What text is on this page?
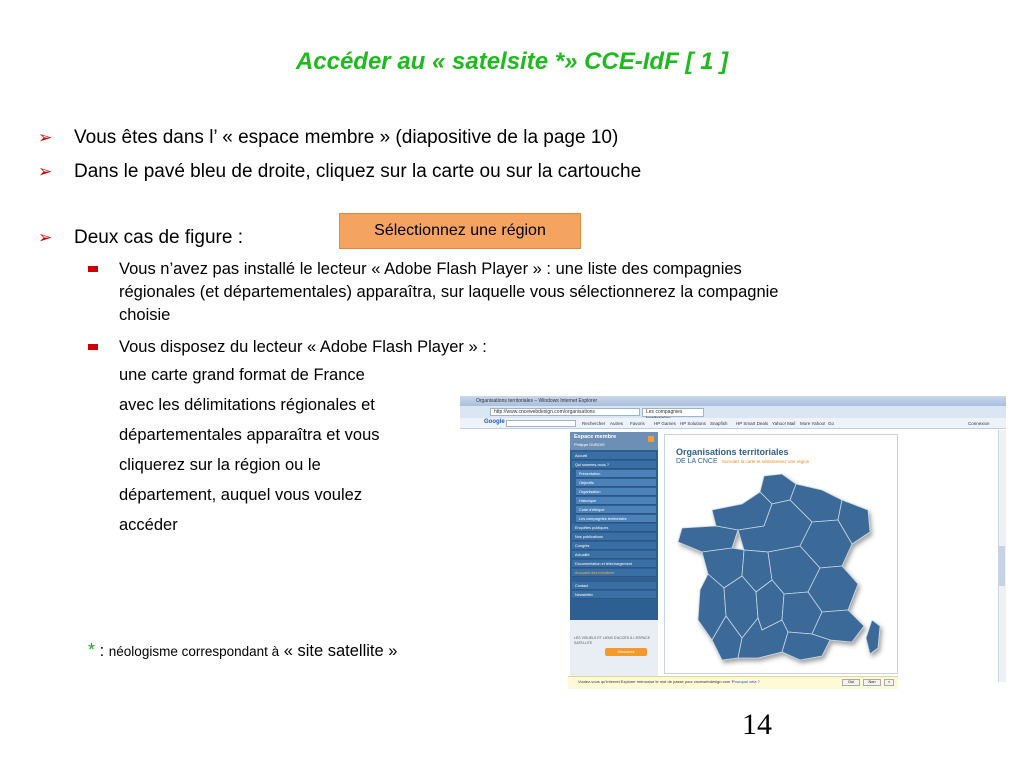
Accéder au « satelsite *» CCE-IdF [ 1 ]
➢	Vous êtes dans l’ « espace membre » (diapositive de la page 10)
➢	Dans le pavé bleu de droite, cliquez sur la carte ou sur la cartouche
➢	Deux cas de figure :	Sélectionnez une région
Vous n’avez pas installé le lecteur « Adobe Flash Player » : une liste des compagnies
régionales (et départementales) apparaîtra, sur laquelle vous sélectionnerez la compagnie
choisie
Vous disposez du lecteur « Adobe Flash Player » :
une carte grand format de France
avec les délimitations régionales et
départementales apparaîtra et vous
cliquerez sur la région ou le
département, auquel vous voulez
accéder
* : néologisme correspondant à « site satellite »
14
Organisations territoriales – Windows Internet Explorer
http://www.cncewebdesign.com/organisations	Les compagnies
Google	Rechercher Autres Favoris HP Games HP Solutions Snapfish HP Smart Deals Yahoo! Mail More Yahoo! Go	Connexion
Espace membre
Philippe DUBOIS
Accueil
Qui sommes-nous ?
Présentation
Objectifs
Organisation
Historique
Code d'éthique
Les compagnies territoriales
Enquêtes publiques
Nos publications
Congrès
Actualité
Documentation et téléchargement
Annuaire des membres
Contact
Newsletter
LES VISUELS ET LIENS D'ACCÈS À L'ESPACE SATELLITE
Découvrez
Organisations territoriales
DE LA CNCE Survolez la carte et sélectionnez une région
Voulez-vous qu'Internet Explorer mémorise le mot de passe pour cncewebdesign.com ?
Pourquoi cela ?	Oui	Non	×
